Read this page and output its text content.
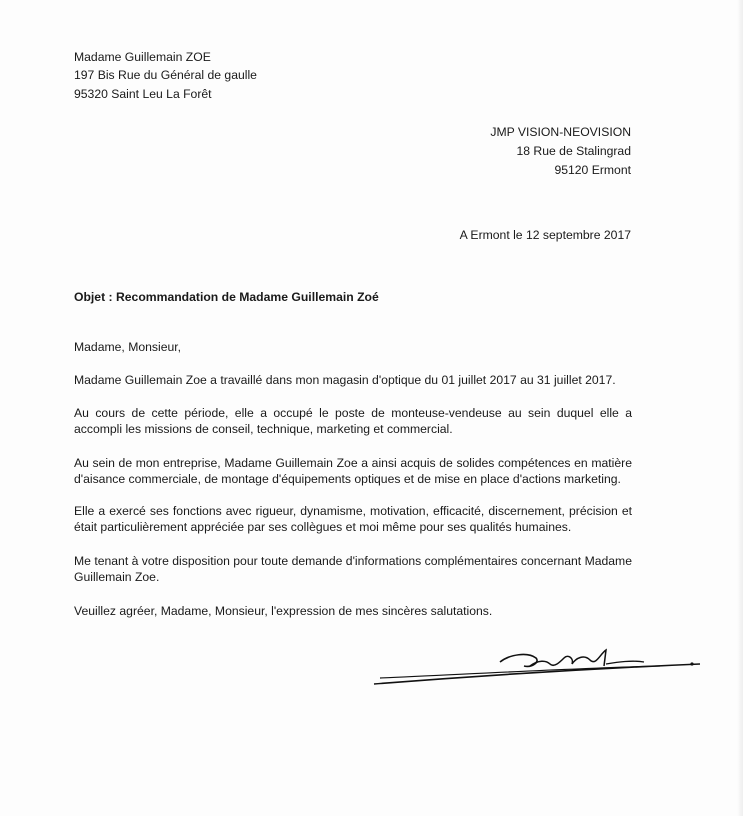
Madame Guillemain ZOE
197 Bis Rue du Général de gaulle
95320 Saint Leu La Forêt
JMP VISION-NEOVISION
18 Rue de Stalingrad
95120 Ermont
A Ermont le 12 septembre 2017
Objet : Recommandation de Madame Guillemain Zoé
Madame, Monsieur,
Madame Guillemain Zoe a travaillé dans mon magasin d'optique du 01 juillet 2017 au 31 juillet 2017.
Au cours de cette période, elle a occupé le poste de monteuse-vendeuse au sein duquel elle a accompli les missions de conseil, technique, marketing et commercial.
Au sein de mon entreprise, Madame Guillemain Zoe a ainsi acquis de solides compétences en matière d'aisance commerciale, de montage d'équipements optiques et de mise en place d'actions marketing.
Elle a exercé ses fonctions avec rigueur, dynamisme, motivation, efficacité, discernement, précision et était particulièrement appréciée par ses collègues et moi même pour ses qualités humaines.
Me tenant à votre disposition pour toute demande d'informations complémentaires concernant Madame Guillemain Zoe.
Veuillez agréer, Madame, Monsieur, l'expression de mes sincères salutations.
